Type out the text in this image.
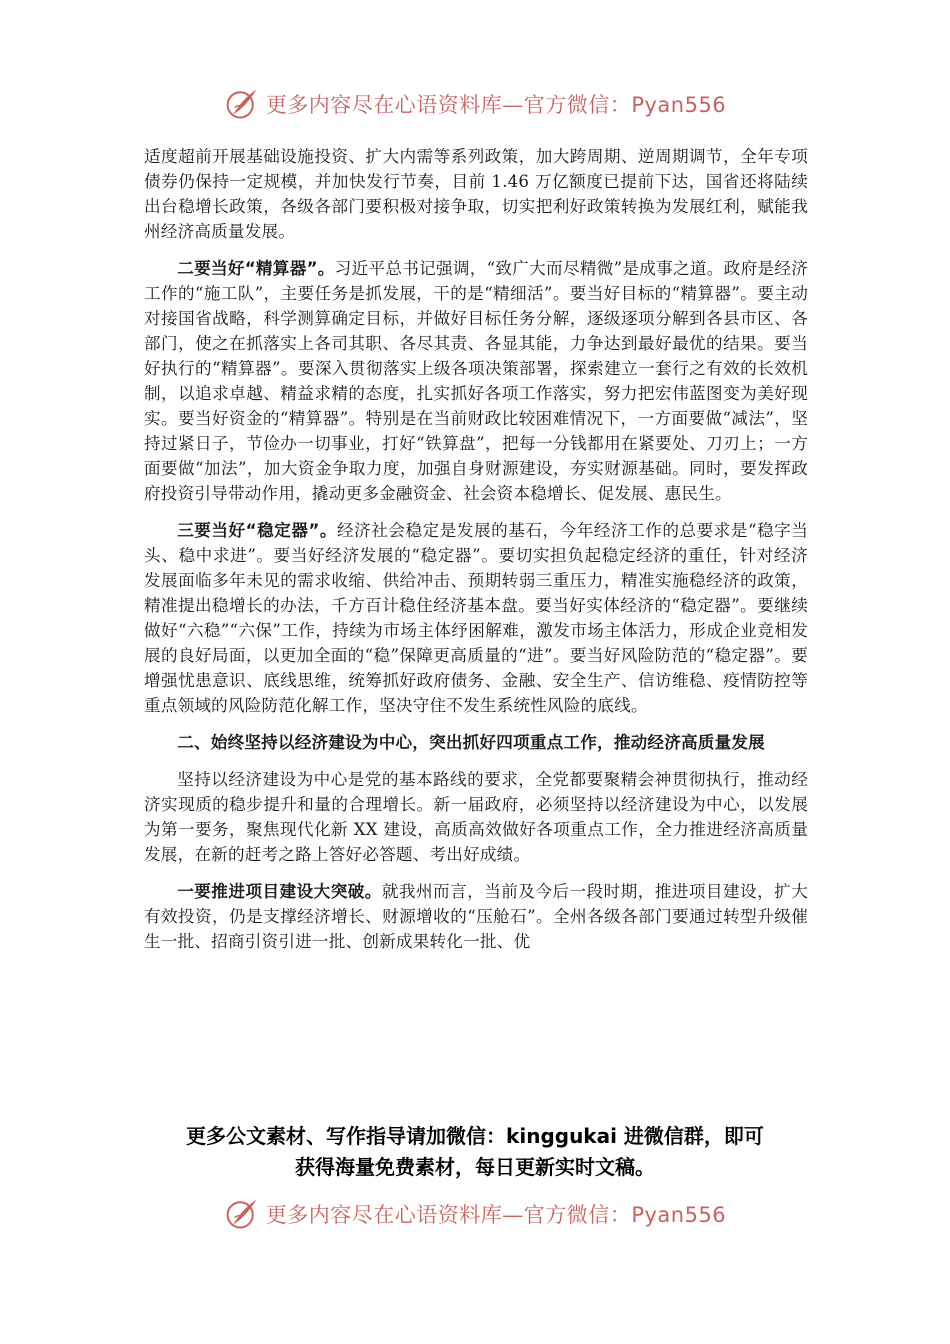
更多内容尽在心语资料库—官方微信：Pyan556

适度超前开展基础设施投资、扩大内需等系列政策，加大跨周期、逆周期调节，全年专项债券仍保持一定规模，并加快发行节奏，目前 1.46 万亿额度已提前下达，国省还将陆续出台稳增长政策，各级各部门要积极对接争取，切实把利好政策转换为发展红利，赋能我州经济高质量发展。

二要当好“精算器”。习近平总书记强调，“致广大而尽精微”是成事之道。政府是经济工作的“施工队”，主要任务是抓发展，干的是“精细活”。要当好目标的“精算器”。要主动对接国省战略，科学测算确定目标，并做好目标任务分解，逐级逐项分解到各县市区、各部门，使之在抓落实上各司其职、各尽其责、各显其能，力争达到最好最优的结果。要当好执行的“精算器”。要深入贯彻落实上级各项决策部署，探索建立一套行之有效的长效机制，以追求卓越、精益求精的态度，扎实抓好各项工作落实，努力把宏伟蓝图变为美好现实。要当好资金的“精算器”。特别是在当前财政比较困难情况下，一方面要做“减法”，坚持过紧日子，节俭办一切事业，打好“铁算盘”，把每一分钱都用在紧要处、刀刃上；一方面要做“加法”，加大资金争取力度，加强自身财源建设，夯实财源基础。同时，要发挥政府投资引导带动作用，撬动更多金融资金、社会资本稳增长、促发展、惠民生。

三要当好“稳定器”。经济社会稳定是发展的基石，今年经济工作的总要求是“稳字当头、稳中求进”。要当好经济发展的“稳定器”。要切实担负起稳定经济的重任，针对经济发展面临多年未见的需求收缩、供给冲击、预期转弱三重压力，精准实施稳经济的政策，精准提出稳增长的办法，千方百计稳住经济基本盘。要当好实体经济的“稳定器”。要继续做好“六稳”“六保”工作，持续为市场主体纾困解难，激发市场主体活力，形成企业竞相发展的良好局面，以更加全面的“稳”保障更高质量的“进”。要当好风险防范的“稳定器”。要增强忧患意识、底线思维，统筹抓好政府债务、金融、安全生产、信访维稳、疫情防控等重点领域的风险防范化解工作，坚决守住不发生系统性风险的底线。

二、始终坚持以经济建设为中心，突出抓好四项重点工作，推动经济高质量发展

坚持以经济建设为中心是党的基本路线的要求，全党都要聚精会神贯彻执行，推动经济实现质的稳步提升和量的合理增长。新一届政府，必须坚持以经济建设为中心，以发展为第一要务，聚焦现代化新 XX 建设，高质高效做好各项重点工作，全力推进经济高质量发展，在新的赶考之路上答好必答题、考出好成绩。

一要推进项目建设大突破。就我州而言，当前及今后一段时期，推进项目建设，扩大有效投资，仍是支撑经济增长、财源增收的“压舱石”。全州各级各部门要通过转型升级催生一批、招商引资引进一批、创新成果转化一批、优

更多公文素材、写作指导请加微信：kinggukai 进微信群，即可
获得海量免费素材，每日更新实时文稿。
更多内容尽在心语资料库—官方微信：Pyan556
